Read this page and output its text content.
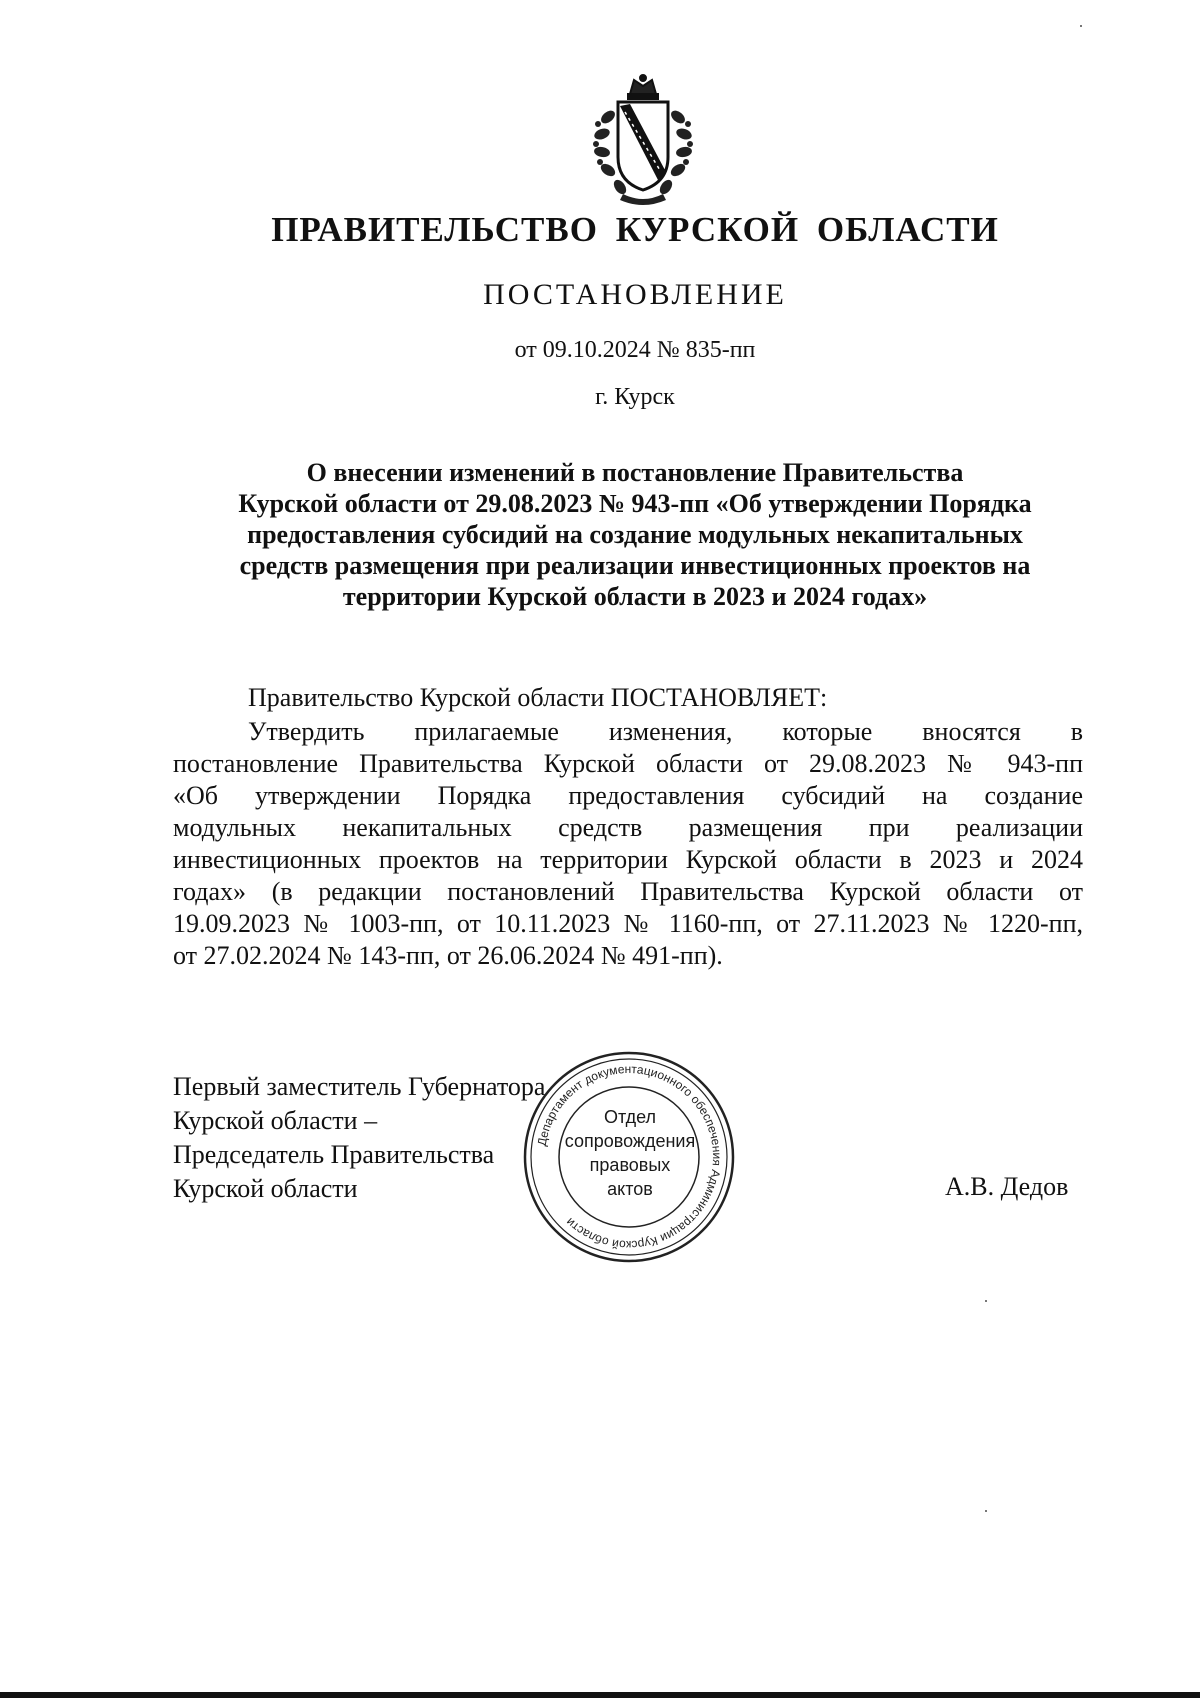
ПРАВИТЕЛЬСТВО КУРСКОЙ ОБЛАСТИ
ПОСТАНОВЛЕНИЕ
от 09.10.2024 № 835-пп
г. Курск
О внесении изменений в постановление Правительства
Курской области от 29.08.2023 № 943-пп «Об утверждении Порядка
предоставления субсидий на создание модульных некапитальных
средств размещения при реализации инвестиционных проектов на
территории Курской области в 2023 и 2024 годах»
Правительство Курской области ПОСТАНОВЛЯЕТ:
Утвердить прилагаемые изменения, которые вносятся в
постановление Правительства Курской области от 29.08.2023 № 943-пп
«Об утверждении Порядка предоставления субсидий на создание
модульных некапитальных средств размещения при реализации
инвестиционных проектов на территории Курской области в 2023 и 2024
годах» (в редакции постановлений Правительства Курской области от
19.09.2023 № 1003-пп, от 10.11.2023 № 1160-пп, от 27.11.2023 № 1220-пп,
от 27.02.2024 № 143-пп, от 26.06.2024 № 491-пп).
Первый заместитель Губернатора
Курской области –
Председатель Правительства
Курской области	А.В. Дедов
Департамент документационного обеспечения Администрации Курской области
Отдел
сопровождения
правовых
актов
